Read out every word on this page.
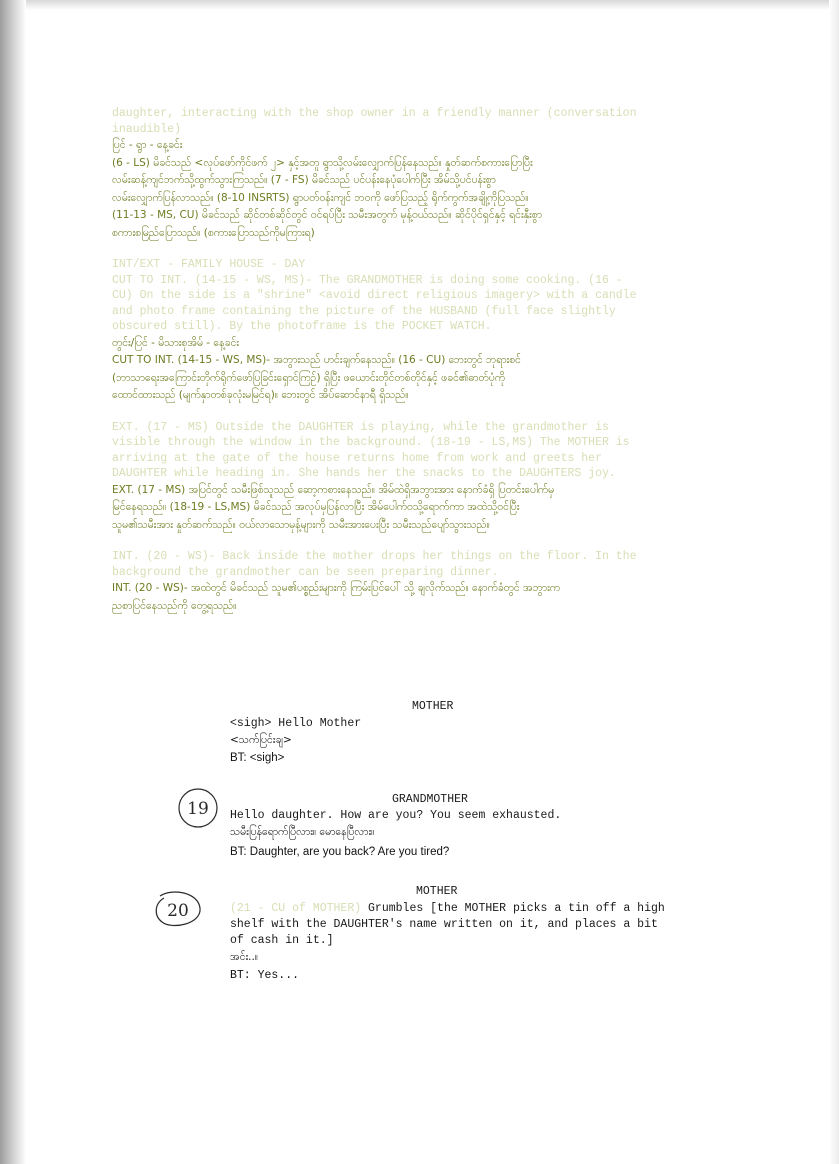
daughter, interacting with the shop owner in a friendly manner (conversation
inaudible)
ပြင် - ရွာ - နေ့ခင်း
(6 - LS) မိခင်သည် <လုပ်ဖော်ကိုင်ဖက် ၂> နှင့်အတူ ရွာသို့လမ်းလျှောက်ပြန်နေသည်။ နှုတ်ဆက်စကားပြောပြီး
လမ်းဆန့်ကျင်ဘက်သို့ထွက်သွားကြသည်။ (7 - FS) မိခင်သည် ပင်ပန်းနေပုံပေါက်ပြီး အိမ်သို့ပင်ပန်းစွာ
လမ်းလျှောက်ပြန်လာသည်။ (8-10 INSRTS) ရွာပတ်ဝန်းကျင် ဘဝကို ဖော်ပြသည့် ရိုက်ကွက်အချို့ကိုပြသည်။
(11-13 - MS, CU) မိခင်သည် ဆိုင်တစ်ဆိုင်တွင် ဝင်ရပ်ပြီး သမီးအတွက် မုန့်ဝယ်သည်။ ဆိုင်ပိုင်ရှင်နှင့် ရင်းနှီးစွာ
စကားစမြည်ပြောသည်။ (စကားပြောသည်ကိုမကြားရ)
INT/EXT - FAMILY HOUSE - DAY
CUT TO INT. (14-15 - WS, MS)- The GRANDMOTHER is doing some cooking. (16 -
CU) On the side is a "shrine" <avoid direct religious imagery> with a candle
and photo frame containing the picture of the HUSBAND (full face slightly
obscured still). By the photoframe is the POCKET WATCH.
တွင်း/ပြင် - မိသားစုအိမ် - နေ့ခင်း
CUT TO INT. (14-15 - WS, MS)- အဘွားသည် ဟင်းချက်နေသည်။ (16 - CU) ဘေးတွင် ဘုရားစင်
(ဘာသာရေးအကြောင်းတိုက်ရိုက်ဖော်ပြခြင်းရှောင်ကြဉ်) ရှိပြီး ဖယောင်းတိုင်တစ်တိုင်နှင့် ဖခင်၏ဓာတ်ပုံကို
ထောင်ထားသည် (မျက်နှာတစ်ခုလုံးမမြင်ရ)။ ဘေးတွင် အိပ်ဆောင်နာရီ ရှိသည်။
EXT. (17 - MS) Outside the DAUGHTER is playing, while the grandmother is
visible through the window in the background. (18-19 - LS,MS) The MOTHER is
arriving at the gate of the house returns home from work and greets her
DAUGHTER while heading in. She hands her the snacks to the DAUGHTERS joy.
EXT. (17 - MS) အပြင်တွင် သမီးဖြစ်သူသည် ဆော့ကစားနေသည်။ အိမ်ထဲရှိအဘွားအား နောက်ခံရှိ ပြတင်းပေါက်မှ
မြင်နေရသည်။ (18-19 - LS,MS) မိခင်သည် အလုပ်မှပြန်လာပြီး အိမ်ပေါက်ဝသို့ရောက်ကာ အထဲသို့ဝင်ပြီး
သူမ၏သမီးအား နှုတ်ဆက်သည်။ ဝယ်လာသောမုန့်များကို သမီးအားပေးပြီး သမီးသည်ပျော်သွားသည်။
INT. (20 - WS)- Back inside the mother drops her things on the floor. In the
background the grandmother can be seen preparing dinner.
INT. (20 - WS)- အထဲတွင် မိခင်သည် သူမ၏ပစ္စည်းများကို ကြမ်းပြင်ပေါ် သို့ ချလိုက်သည်။ နောက်ခံတွင် အဘွားက
ညစာပြင်နေသည်ကို တွေ့ရသည်။
MOTHER
<sigh> Hello Mother
<သက်ပြင်းချ>
BT: <sigh>
19	GRANDMOTHER
Hello daughter. How are you? You seem exhausted.
သမီးပြန်ရောက်ပြီလား။ မောနေပြီလား။
BT: Daughter, are you back? Are you tired?
20
MOTHER
(21 - CU of MOTHER) Grumbles [the MOTHER picks a tin off a high
shelf with the DAUGHTER's name written on it, and places a bit
of cash in it.]
အင်း..။
BT: Yes...
